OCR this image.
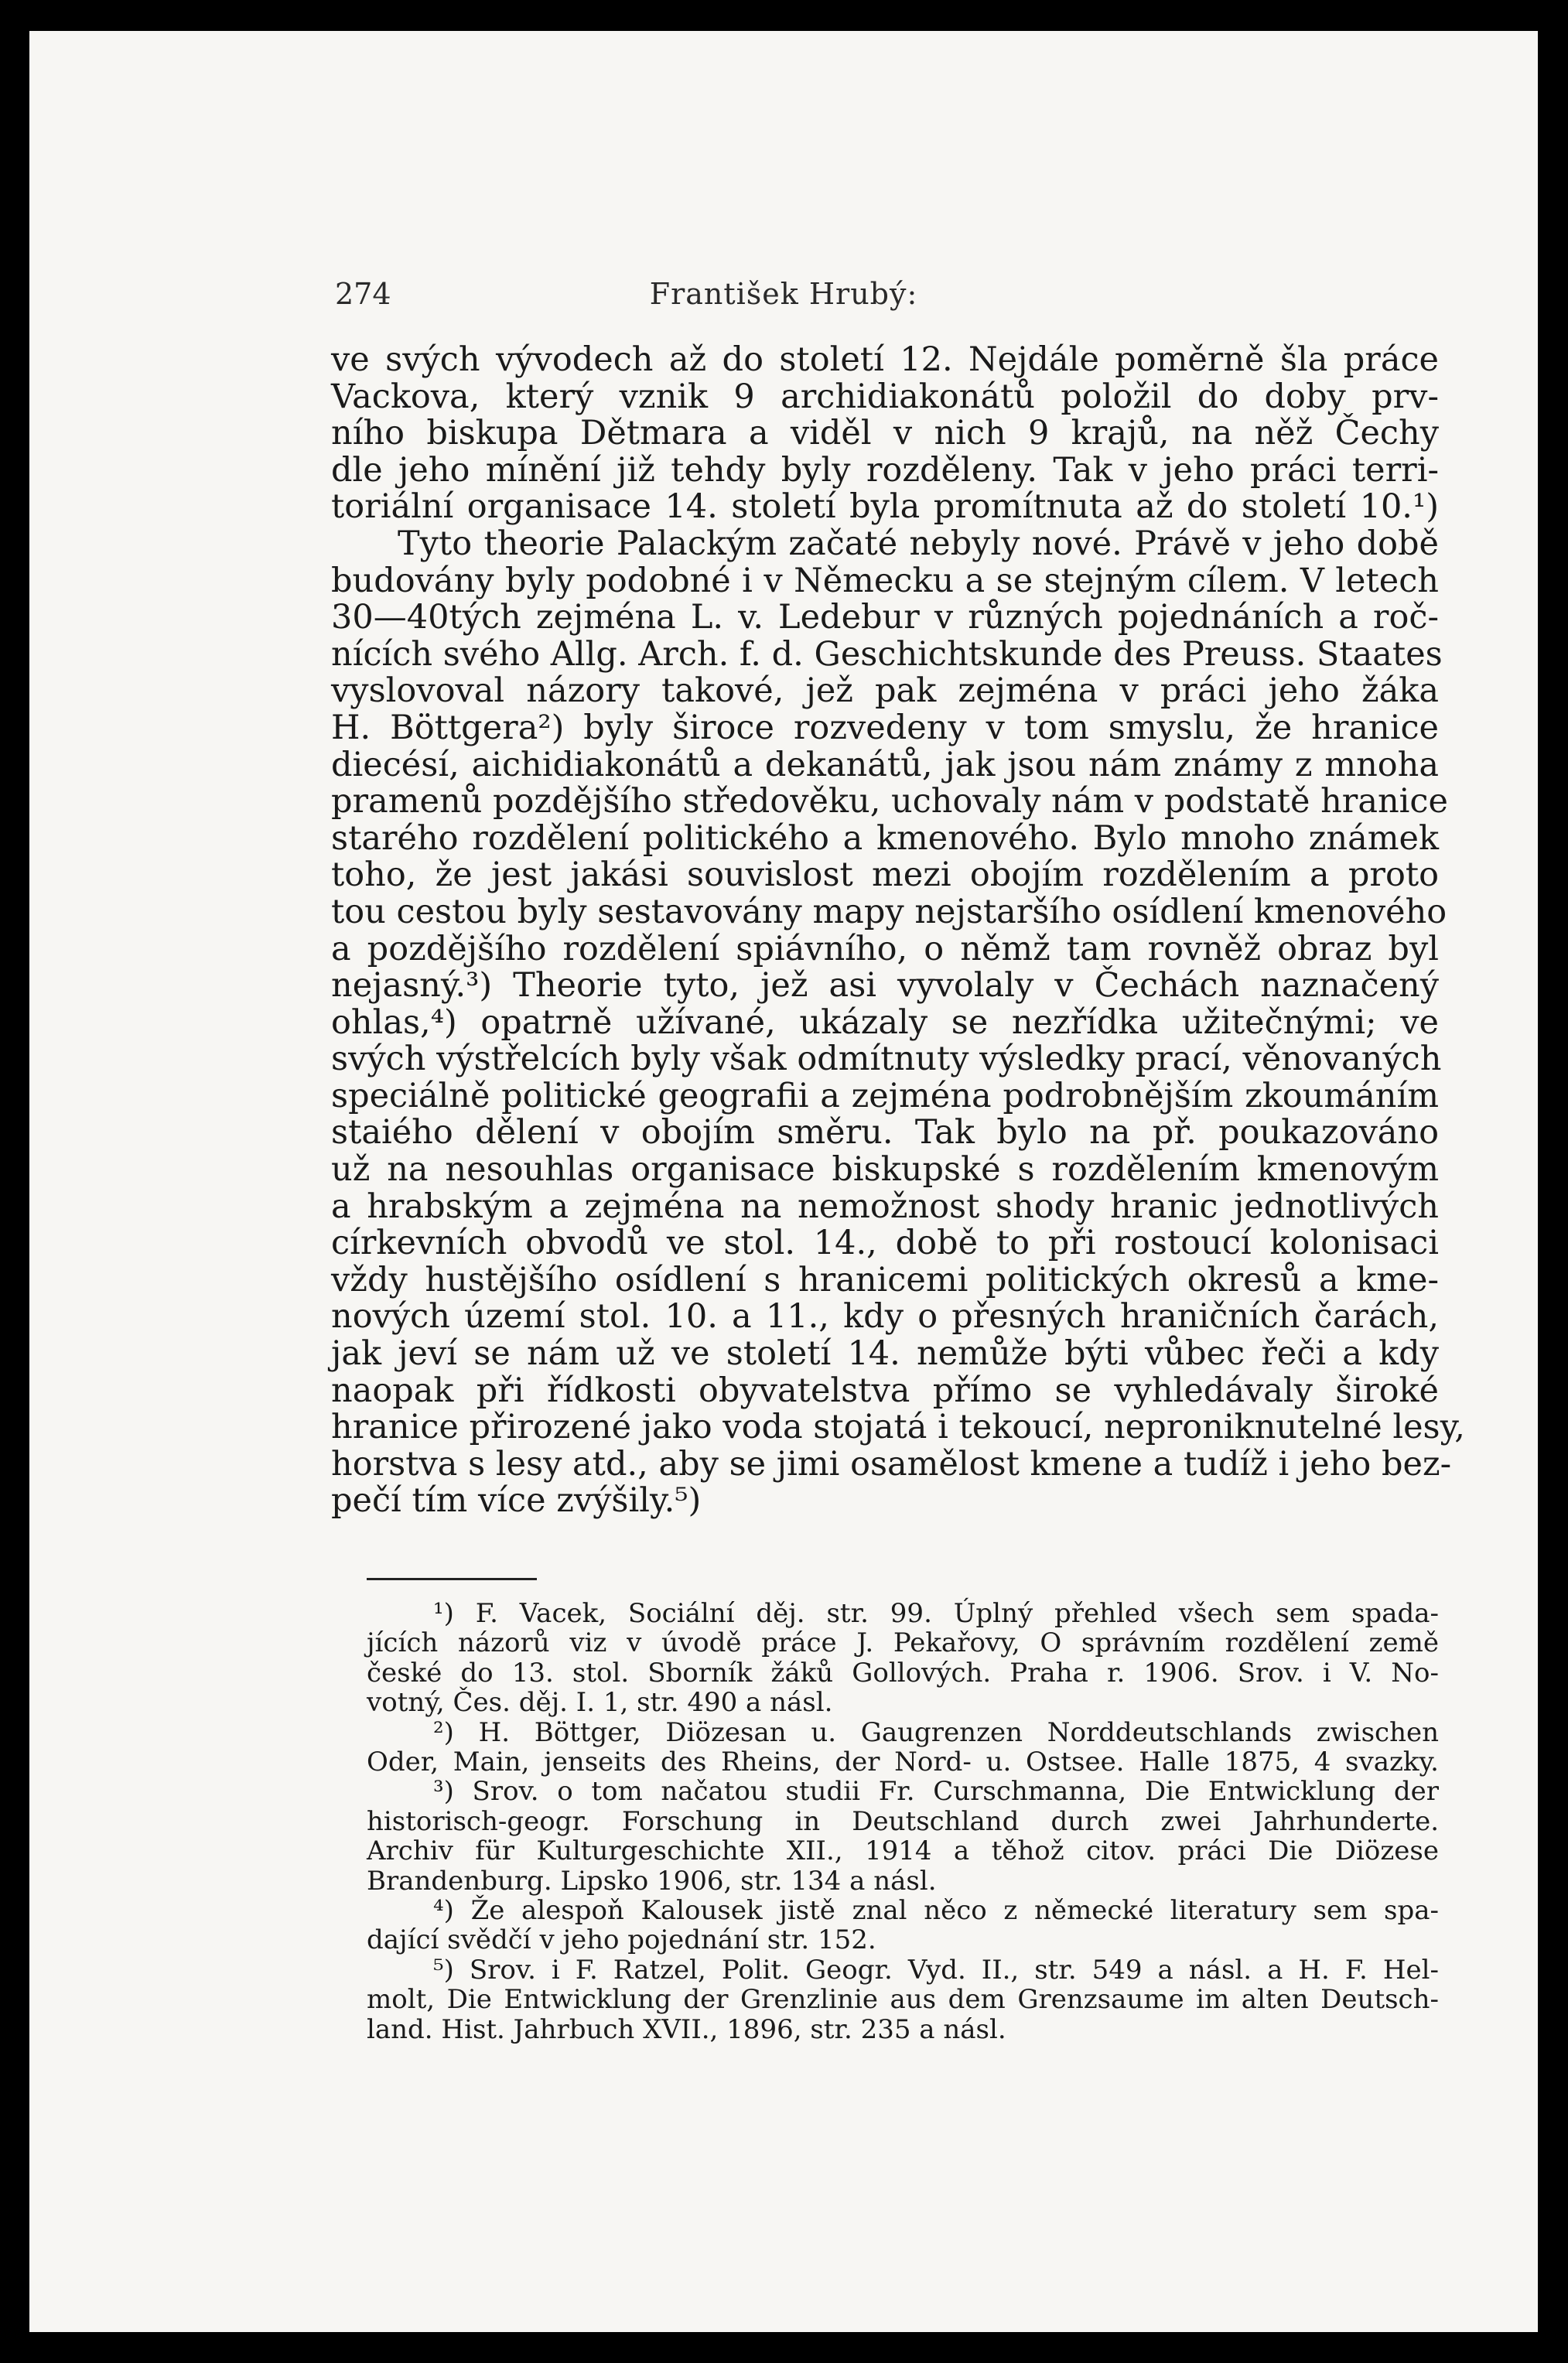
274	František Hrubý:
ve svých vývodech až do století 12. Nejdále poměrně šla práce
Vackova, který vznik 9 archidiakonátů položil do doby prv-
ního biskupa Dětmara a viděl v nich 9 krajů, na něž Čechy
dle jeho mínění již tehdy byly rozděleny. Tak v jeho práci terri-
toriální organisace 14. století byla promítnuta až do století 10.¹)
Tyto theorie Palackým začaté nebyly nové. Právě v jeho době
budovány byly podobné i v Německu a se stejným cílem. V letech
30—40tých zejména L. v. Ledebur v různých pojednáních a roč-
nících svého Allg. Arch. f. d. Geschichtskunde des Preuss. Staates
vyslovoval názory takové, jež pak zejména v práci jeho žáka
H. Böttgera²) byly široce rozvedeny v tom smyslu, že hranice
diecésí, aichidiakonátů a dekanátů, jak jsou nám známy z mnoha
pramenů pozdějšího středověku, uchovaly nám v podstatě hranice
starého rozdělení politického a kmenového. Bylo mnoho známek
toho, že jest jakási souvislost mezi obojím rozdělením a proto
tou cestou byly sestavovány mapy nejstaršího osídlení kmenového
a pozdějšího rozdělení spiávního, o němž tam rovněž obraz byl
nejasný.³) Theorie tyto, jež asi vyvolaly v Čechách naznačený
ohlas,⁴) opatrně užívané, ukázaly se nezřídka užitečnými; ve
svých výstřelcích byly však odmítnuty výsledky prací, věnovaných
speciálně politické geografii a zejména podrobnějším zkoumáním
staiého dělení v obojím směru. Tak bylo na př. poukazováno
už na nesouhlas organisace biskupské s rozdělením kmenovým
a hrabským a zejména na nemožnost shody hranic jednotlivých
církevních obvodů ve stol. 14., době to při rostoucí kolonisaci
vždy hustějšího osídlení s hranicemi politických okresů a kme-
nových území stol. 10. a 11., kdy o přesných hraničních čarách,
jak jeví se nám už ve století 14. nemůže býti vůbec řeči a kdy
naopak při řídkosti obyvatelstva přímo se vyhledávaly široké
hranice přirozené jako voda stojatá i tekoucí, neproniknutelné lesy,
horstva s lesy atd., aby se jimi osamělost kmene a tudíž i jeho bez-
pečí tím více zvýšily.⁵)
¹) F. Vacek, Sociální děj. str. 99. Úplný přehled všech sem spada-
jících názorů viz v úvodě práce J. Pekařovy, O správním rozdělení země
české do 13. stol. Sborník žáků Gollových. Praha r. 1906. Srov. i V. No-
votný, Čes. děj. I. 1, str. 490 a násl.
²) H. Böttger, Diözesan u. Gaugrenzen Norddeutschlands zwischen
Oder, Main, jenseits des Rheins, der Nord- u. Ostsee. Halle 1875, 4 svazky.
³) Srov. o tom načatou studii Fr. Curschmanna, Die Entwicklung der
historisch-geogr. Forschung in Deutschland durch zwei Jahrhunderte.
Archiv für Kulturgeschichte XII., 1914 a těhož citov. práci Die Diözese
Brandenburg. Lipsko 1906, str. 134 a násl.
⁴) Že alespoň Kalousek jistě znal něco z německé literatury sem spa-
dající svědčí v jeho pojednání str. 152.
⁵) Srov. i F. Ratzel, Polit. Geogr. Vyd. II., str. 549 a násl. a H. F. Hel-
molt, Die Entwicklung der Grenzlinie aus dem Grenzsaume im alten Deutsch-
land. Hist. Jahrbuch XVII., 1896, str. 235 a násl.
